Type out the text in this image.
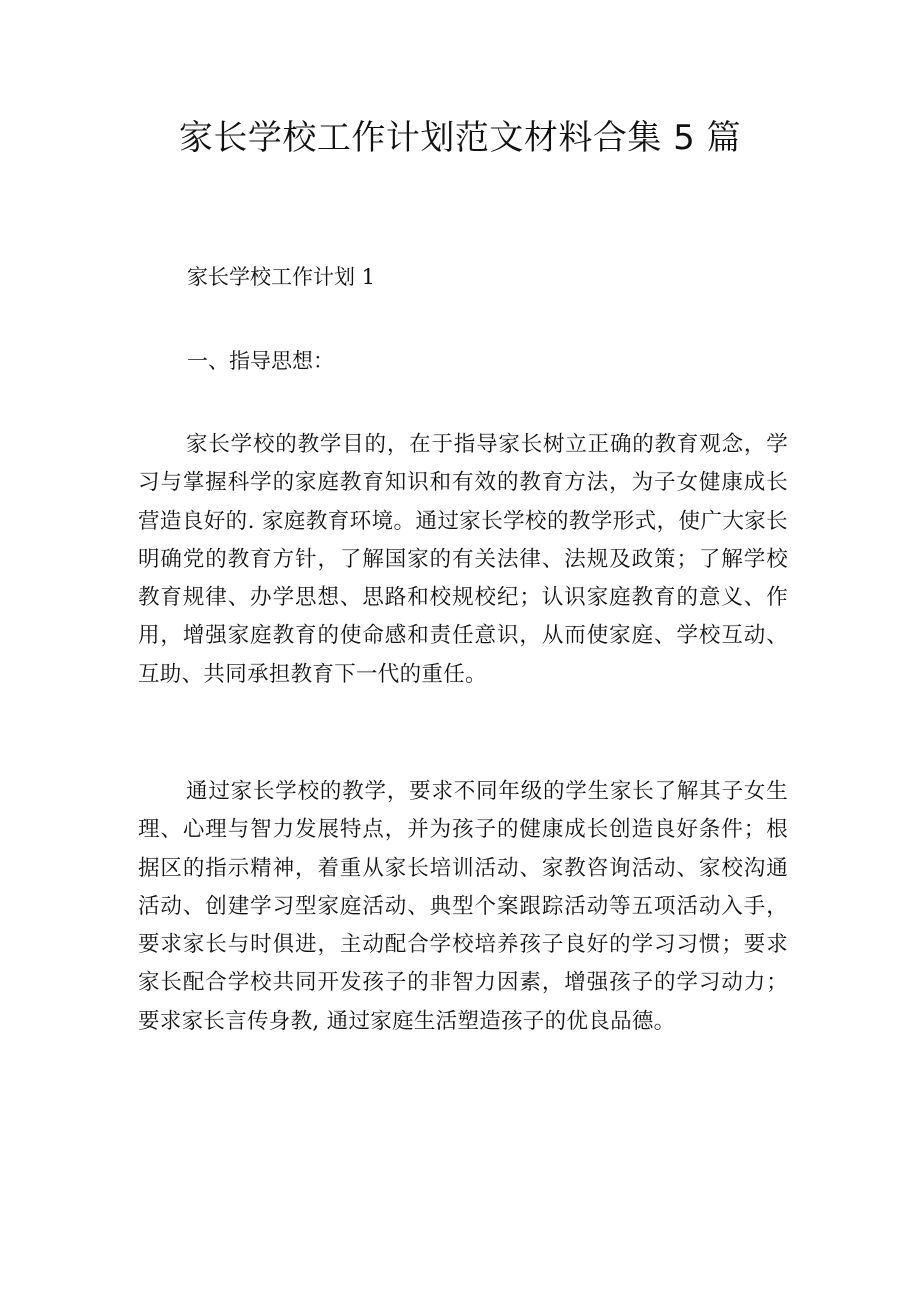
家长学校工作计划范文材料合集 5 篇
家长学校工作计划 1
一、指导思想：

家长学校的教学目的，在于指导家长树立正确的教育观念，学习与掌握科学的家庭教育知识和有效的教育方法，为子女健康成长营造良好的. 家庭教育环境。通过家长学校的教学形式，使广大家长明确党的教育方针，了解国家的有关法律、法规及政策；了解学校教育规律、办学思想、思路和校规校纪；认识家庭教育的意义、作用，增强家庭教育的使命感和责任意识，从而使家庭、学校互动、互助、共同承担教育下一代的重任。

通过家长学校的教学，要求不同年级的学生家长了解其子女生理、心理与智力发展特点，并为孩子的健康成长创造良好条件；根据区的指示精神，着重从家长培训活动、家教咨询活动、家校沟通活动、创建学习型家庭活动、典型个案跟踪活动等五项活动入手，要求家长与时俱进，主动配合学校培养孩子良好的学习习惯；要求家长配合学校共同开发孩子的非智力因素，增强孩子的学习动力；要求家长言传身教, 通过家庭生活塑造孩子的优良品德。
